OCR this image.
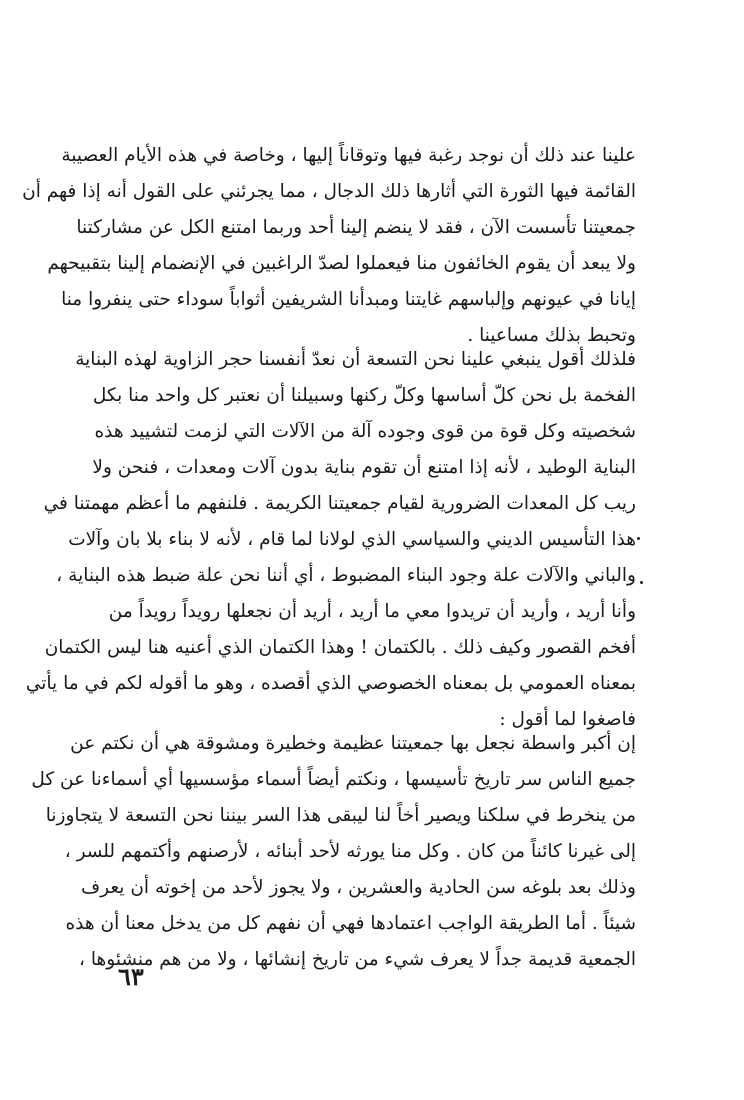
علينا عند ذلك أن نوجد رغبة فيها وتوقاناً إليها ، وخاصة في هذه الأيام العصيبة
القائمة فيها الثورة التي أثارها ذلك الدجال ، مما يجرئني على القول أنه إذا فهم أن
جمعيتنا تأسست الآن ، فقد لا ينضم إلينا أحد وربما امتنع الكل عن مشاركتنا
ولا يبعد أن يقوم الخائفون منا فيعملوا لصدّ الراغبين في الإنضمام إلينا بتقبيحهم
إيانا في عيونهم وإلباسهم غايتنا ومبدأنا الشريفين أثواباً سوداء حتى ينفروا منا
وتحبط بذلك مساعينا .
فلذلك أقول ينبغي علينا نحن التسعة أن نعدّ أنفسنا حجر الزاوية لهذه البناية
الفخمة بل نحن كلّ أساسها وكلّ ركنها وسبيلنا أن نعتبر كل واحد منا بكل
شخصيته وكل قوة من قوى وجوده آلة من الآلات التي لزمت لتشييد هذه
البناية الوطيد ، لأنه إذا امتنع أن تقوم بناية بدون آلات ومعدات ، فنحن ولا
ريب كل المعدات الضرورية لقيام جمعيتنا الكريمة . فلنفهم ما أعظم مهمتنا في
هذا التأسيس الديني والسياسي الذي لولانا لما قام ، لأنه لا بناء بلا بان وآلات
والباني والآلات علة وجود البناء المضبوط ، أي أننا نحن علة ضبط هذه البناية ،
وأنا أريد ، وأريد أن تريدوا معي ما أريد ، أريد أن نجعلها رويداً رويداً من
أفخم القصور وكيف ذلك . بالكتمان ! وهذا الكتمان الذي أعنيه هنا ليس الكتمان
بمعناه العمومي بل بمعناه الخصوصي الذي أقصده ، وهو ما أقوله لكم في ما يأتي
فاصغوا لما أقول :
إن أكبر واسطة نجعل بها جمعيتنا عظيمة وخطيرة ومشوقة هي أن نكتم عن
جميع الناس سر تاريخ تأسيسها ، ونكتم أيضاً أسماء مؤسسيها أي أسماءنا عن كل
من ينخرط في سلكنا ويصير أخاً لنا ليبقى هذا السر بيننا نحن التسعة لا يتجاوزنا
إلى غيرنا كائناً من كان . وكل منا يورثه لأحد أبنائه ، لأرصنهم وأكتمهم للسر ،
وذلك بعد بلوغه سن الحادية والعشرين ، ولا يجوز لأحد من إخوته أن يعرف
شيئاً . أما الطريقة الواجب اعتمادها فهي أن نفهم كل من يدخل معنا أن هذه
الجمعية قديمة جداً لا يعرف شيء من تاريخ إنشائها ، ولا من هم منشئوها ،
٦٣
